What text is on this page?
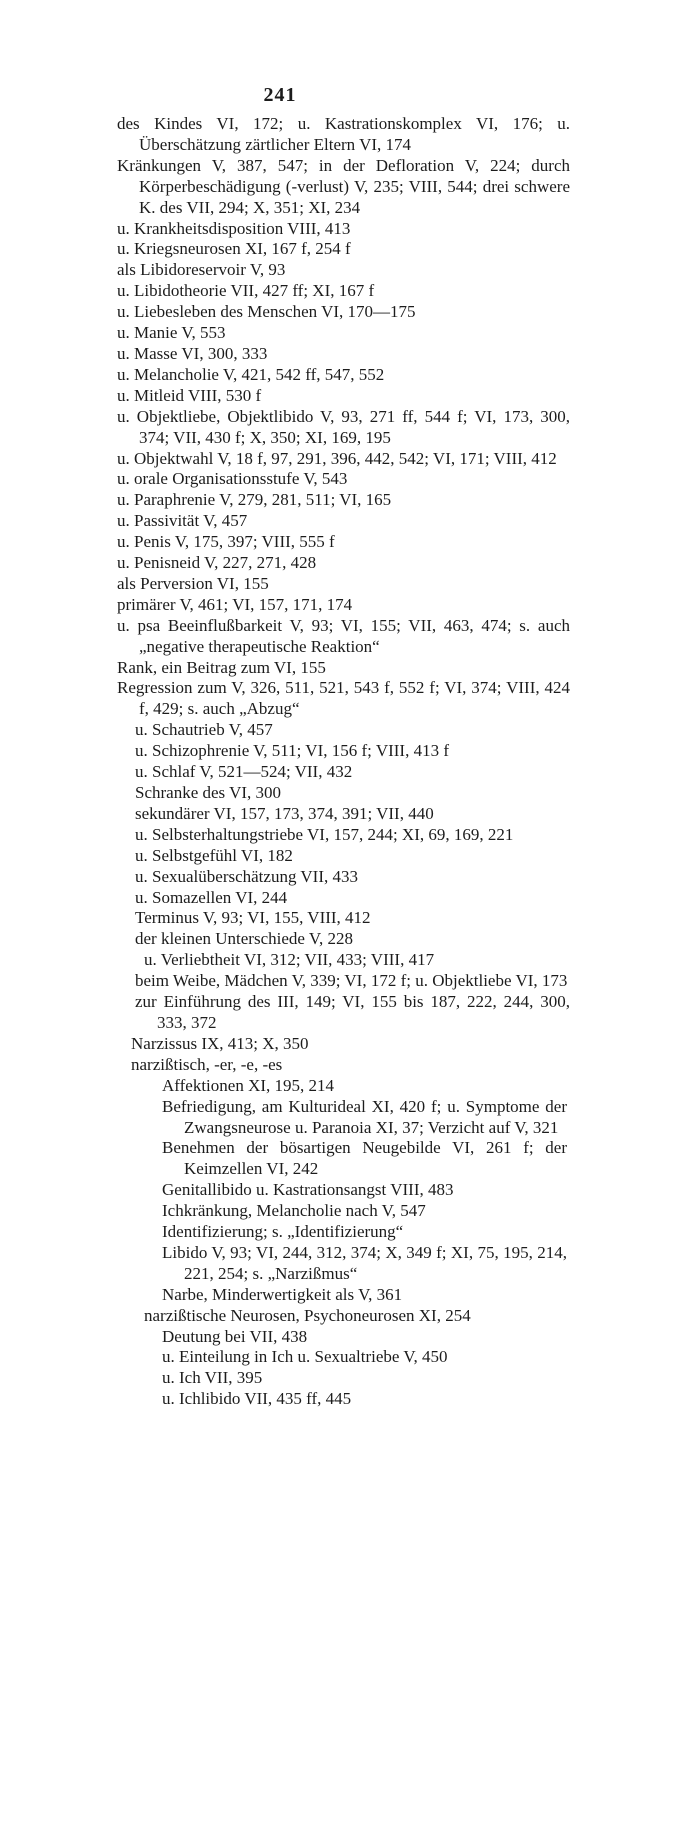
241
des Kindes VI, 172; u. Kastrationskomplex VI, 176; u. Überschätzung zärtlicher Eltern VI, 174
Kränkungen V, 387, 547; in der Defloration V, 224; durch Körperbeschädigung (-verlust) V, 235; VIII, 544; drei schwere K. des VII, 294; X, 351; XI, 234
u. Krankheitsdisposition VIII, 413
u. Kriegsneurosen XI, 167 f, 254 f
als Libidoreservoir V, 93
u. Libidotheorie VII, 427 ff; XI, 167 f
u. Liebesleben des Menschen VI, 170—175
u. Manie V, 553
u. Masse VI, 300, 333
u. Melancholie V, 421, 542 ff, 547, 552
u. Mitleid VIII, 530 f
u. Objektliebe, Objektlibido V, 93, 271 ff, 544 f; VI, 173, 300, 374; VII, 430 f; X, 350; XI, 169, 195
u. Objektwahl V, 18 f, 97, 291, 396, 442, 542; VI, 171; VIII, 412
u. orale Organisationsstufe V, 543
u. Paraphrenie V, 279, 281, 511; VI, 165
u. Passivität V, 457
u. Penis V, 175, 397; VIII, 555 f
u. Penisneid V, 227, 271, 428
als Perversion VI, 155
primärer V, 461; VI, 157, 171, 174
u. psa Beeinflußbarkeit V, 93; VI, 155; VII, 463, 474; s. auch „negative therapeutische Reaktion“
Rank, ein Beitrag zum VI, 155
Regression zum V, 326, 511, 521, 543 f, 552 f; VI, 374; VIII, 424 f, 429; s. auch „Abzug“
u. Schautrieb V, 457
u. Schizophrenie V, 511; VI, 156 f; VIII, 413 f
u. Schlaf V, 521—524; VII, 432
Schranke des VI, 300
sekundärer VI, 157, 173, 374, 391; VII, 440
u. Selbsterhaltungstriebe VI, 157, 244; XI, 69, 169, 221
u. Selbstgefühl VI, 182
u. Sexualüberschätzung VII, 433
u. Somazellen VI, 244
Terminus V, 93; VI, 155, VIII, 412
der kleinen Unterschiede V, 228
u. Verliebtheit VI, 312; VII, 433; VIII, 417
beim Weibe, Mädchen V, 339; VI, 172 f; u. Objektliebe VI, 173
zur Einführung des III, 149; VI, 155 bis 187, 222, 244, 300, 333, 372
Narzissus IX, 413; X, 350
narzißtisch, -er, -e, -es
Affektionen XI, 195, 214
Befriedigung, am Kulturideal XI, 420 f; u. Symptome der Zwangsneurose u. Paranoia XI, 37; Verzicht auf V, 321
Benehmen der bösartigen Neugebilde VI, 261 f; der Keimzellen VI, 242
Genitallibido u. Kastrationsangst VIII, 483
Ichkränkung, Melancholie nach V, 547
Identifizierung; s. „Identifizierung“
Libido V, 93; VI, 244, 312, 374; X, 349 f; XI, 75, 195, 214, 221, 254; s. „Narzißmus“
Narbe, Minderwertigkeit als V, 361
narzißtische Neurosen, Psychoneurosen XI, 254
Deutung bei VII, 438
u. Einteilung in Ich u. Sexualtriebe V, 450
u. Ich VII, 395
u. Ichlibido VII, 435 ff, 445
